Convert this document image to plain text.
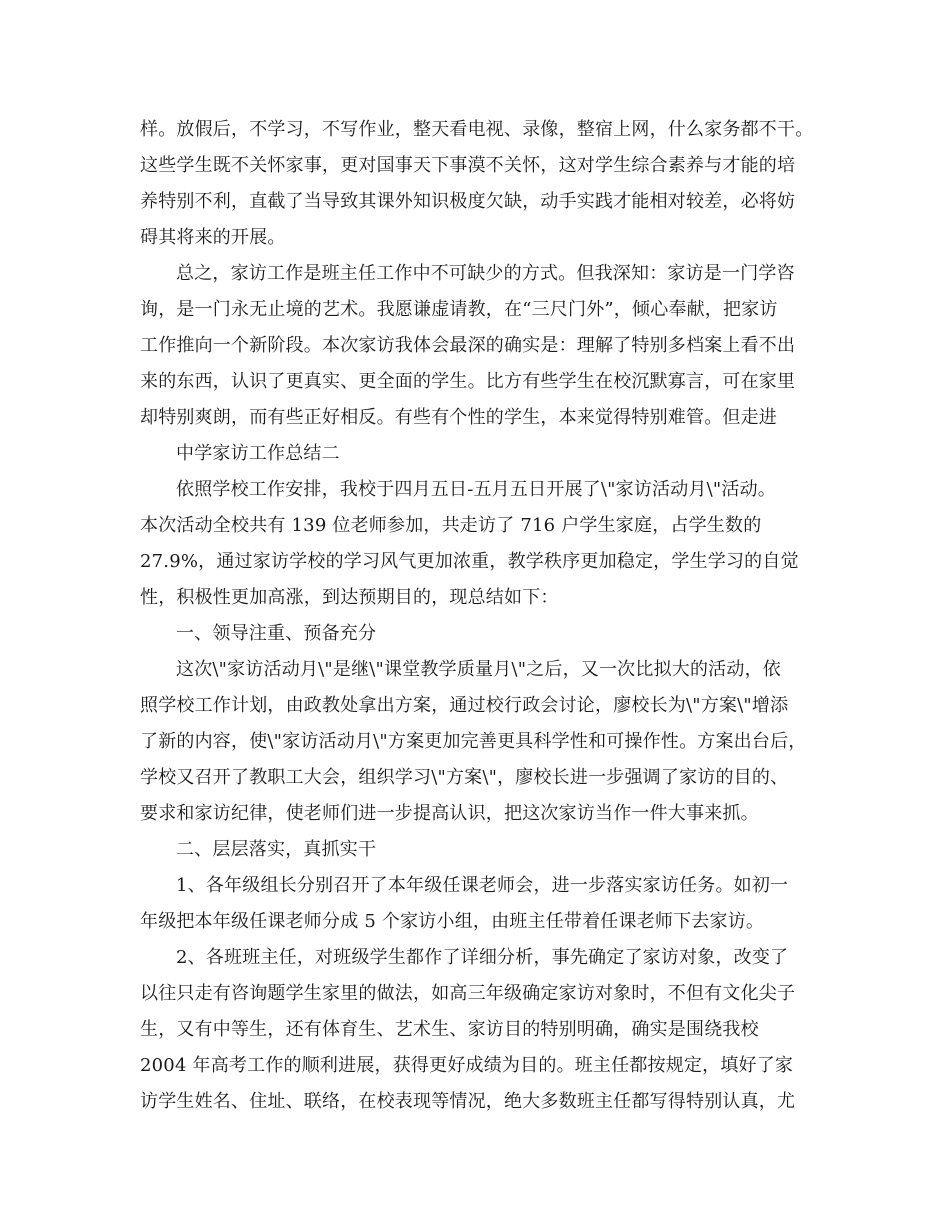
样。放假后，不学习，不写作业，整天看电视、录像，整宿上网，什么家务都不干。
这些学生既不关怀家事，更对国事天下事漠不关怀，这对学生综合素养与才能的培
养特别不利，直截了当导致其课外知识极度欠缺，动手实践才能相对较差，必将妨
碍其将来的开展。
总之，家访工作是班主任工作中不可缺少的方式。但我深知：家访是一门学咨
询，是一门永无止境的艺术。我愿谦虚请教，在“三尺门外”，倾心奉献，把家访
工作推向一个新阶段。本次家访我体会最深的确实是：理解了特别多档案上看不出
来的东西，认识了更真实、更全面的学生。比方有些学生在校沉默寡言，可在家里
却特别爽朗，而有些正好相反。有些有个性的学生，本来觉得特别难管。但走进
中学家访工作总结二
依照学校工作安排，我校于四月五日-五月五日开展了\"家访活动月\"活动。
本次活动全校共有 139 位老师参加，共走访了 716 户学生家庭，占学生数的
27.9%，通过家访学校的学习风气更加浓重，教学秩序更加稳定，学生学习的自觉
性，积极性更加高涨，到达预期目的，现总结如下：
一、领导注重、预备充分
这次\"家访活动月\"是继\"课堂教学质量月\"之后，又一次比拟大的活动，依
照学校工作计划，由政教处拿出方案，通过校行政会讨论，廖校长为\"方案\"增添
了新的内容，使\"家访活动月\"方案更加完善更具科学性和可操作性。方案出台后，
学校又召开了教职工大会，组织学习\"方案\"，廖校长进一步强调了家访的目的、
要求和家访纪律，使老师们进一步提高认识，把这次家访当作一件大事来抓。
二、层层落实，真抓实干
1、各年级组长分别召开了本年级任课老师会，进一步落实家访任务。如初一
年级把本年级任课老师分成 5 个家访小组，由班主任带着任课老师下去家访。
2、各班班主任，对班级学生都作了详细分析，事先确定了家访对象，改变了
以往只走有咨询题学生家里的做法，如高三年级确定家访对象时，不但有文化尖子
生，又有中等生，还有体育生、艺术生、家访目的特别明确，确实是围绕我校
2004 年高考工作的顺利进展，获得更好成绩为目的。班主任都按规定，填好了家
访学生姓名、住址、联络，在校表现等情况，绝大多数班主任都写得特别认真，尤
